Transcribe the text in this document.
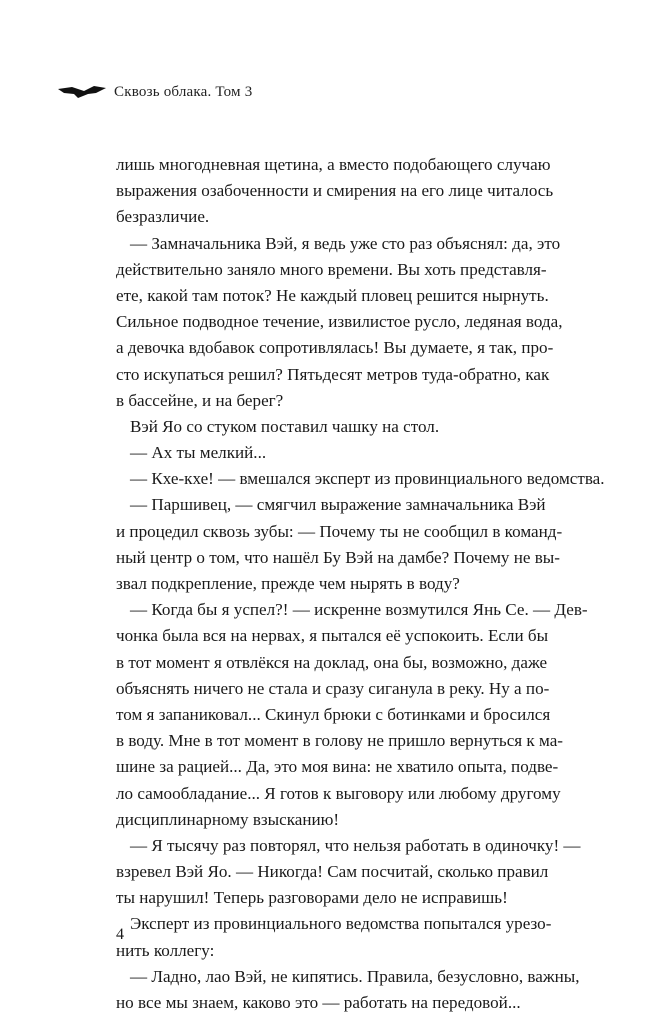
Сквозь облака. Том 3
лишь многодневная щетина, а вместо подобающего случаю
выражения озабоченности и смирения на его лице читалось
безразличие.
— Замначальника Вэй, я ведь уже сто раз объяснял: да, это
действительно заняло много времени. Вы хоть представля-
ете, какой там поток? Не каждый пловец решится нырнуть.
Сильное подводное течение, извилистое русло, ледяная вода,
а девочка вдобавок сопротивлялась! Вы думаете, я так, про-
сто искупаться решил? Пятьдесят метров туда-обратно, как
в бассейне, и на берег?
Вэй Яо со стуком поставил чашку на стол.
— Ах ты мелкий...
— Кхе-кхе! — вмешался эксперт из провинциального ведомства.
— Паршивец, — смягчил выражение замначальника Вэй
и процедил сквозь зубы: — Почему ты не сообщил в команд-
ный центр о том, что нашёл Бу Вэй на дамбе? Почему не вы-
звал подкрепление, прежде чем нырять в воду?
— Когда бы я успел?! — искренне возмутился Янь Се. — Дев-
чонка была вся на нервах, я пытался её успокоить. Если бы
в тот момент я отвлёкся на доклад, она бы, возможно, даже
объяснять ничего не стала и сразу сиганула в реку. Ну а по-
том я запаниковал... Скинул брюки с ботинками и бросился
в воду. Мне в тот момент в голову не пришло вернуться к ма-
шине за рацией... Да, это моя вина: не хватило опыта, подве-
ло самообладание... Я готов к выговору или любому другому
дисциплинарному взысканию!
— Я тысячу раз повторял, что нельзя работать в одиночку! —
взревел Вэй Яо. — Никогда! Сам посчитай, сколько правил
ты нарушил! Теперь разговорами дело не исправишь!
Эксперт из провинциального ведомства попытался урезо-
нить коллегу:
— Ладно, лао Вэй, не кипятись. Правила, безусловно, важны,
но все мы знаем, каково это — работать на передовой...
4
